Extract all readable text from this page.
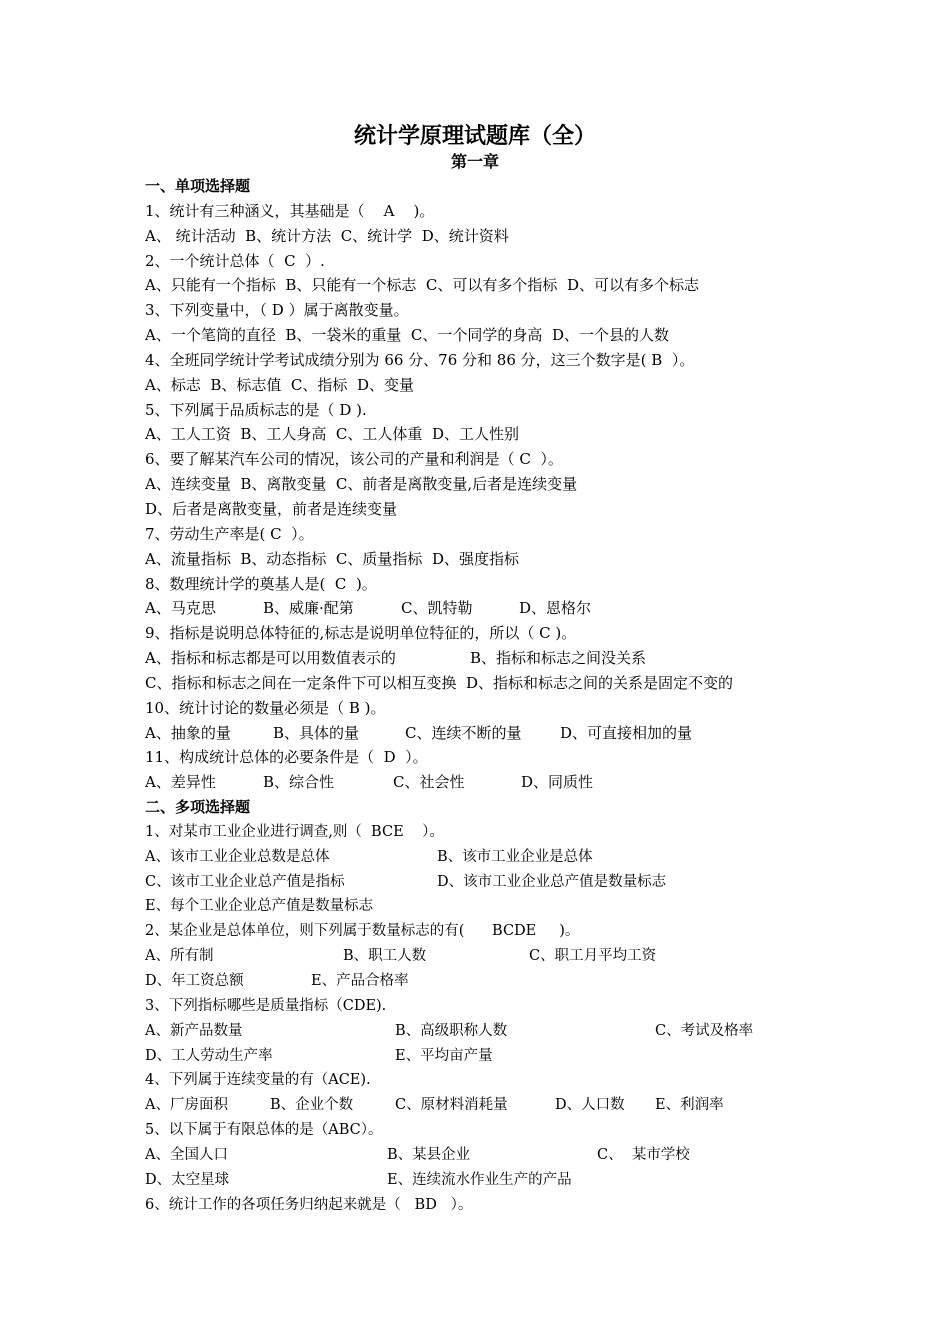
统计学原理试题库（全）
第一章
一、单项选择题
1、统计有三种涵义，其基础是（    A    )。
A、 统计活动  B、统计方法  C、统计学  D、统计资料
2、一个统计总体（  C  ）.
A、只能有一个指标  B、只能有一个标志  C、可以有多个指标  D、可以有多个标志
3、下列变量中，（ D ）属于离散变量。
A、一个笔筒的直径  B、一袋米的重量  C、一个同学的身高  D、一个县的人数
4、全班同学统计学考试成绩分别为 66 分、76 分和 86 分，这三个数字是( B  ）。
A、标志  B、标志值  C、指标  D、变量
5、下列属于品质标志的是（ D ).
A、工人工资  B、工人身高  C、工人体重  D、工人性别
6、要了解某汽车公司的情况，该公司的产量和利润是（ C  ）。
A、连续变量  B、离散变量  C、前者是离散变量,后者是连续变量
D、后者是离散变量，前者是连续变量
7、劳动生产率是( C  ）。
A、流量指标  B、动态指标  C、质量指标  D、强度指标
8、数理统计学的奠基人是(  C  )。
A、马克思	B、威廉·配第	C、凯特勒	D、恩格尔
9、指标是说明总体特征的,标志是说明单位特征的，所以（ C )。
A、指标和标志都是可以用数值表示的	B、指标和标志之间没关系
C、指标和标志之间在一定条件下可以相互变换  D、指标和标志之间的关系是固定不变的
10、统计讨论的数量必须是（ B )。
A、抽象的量	B、具体的量	C、连续不断的量	D、可直接相加的量
11、构成统计总体的必要条件是（  D  ）。
A、差异性	B、综合性	C、社会性	D、同质性
二、多项选择题
1、对某市工业企业进行调查,则（  BCE    ）。
A、该市工业企业总数是总体	B、该市工业企业是总体
C、该市工业企业总产值是指标	D、该市工业企业总产值是数量标志
E、每个工业企业总产值是数量标志
2、某企业是总体单位，则下列属于数量标志的有(      BCDE     )。
A、所有制	B、职工人数	C、职工月平均工资
D、年工资总额	E、产品合格率
3、下列指标哪些是质量指标（CDE).
A、新产品数量	B、高级职称人数	C、考试及格率
D、工人劳动生产率	E、平均亩产量
4、下列属于连续变量的有（ACE).
A、厂房面积	B、企业个数	C、原材料消耗量	D、人口数 E、利润率
5、以下属于有限总体的是（ABC）。
A、全国人口	B、某县企业	C、  某市学校
D、太空星球	E、连续流水作业生产的产品
6、统计工作的各项任务归纳起来就是（   BD   ）。
